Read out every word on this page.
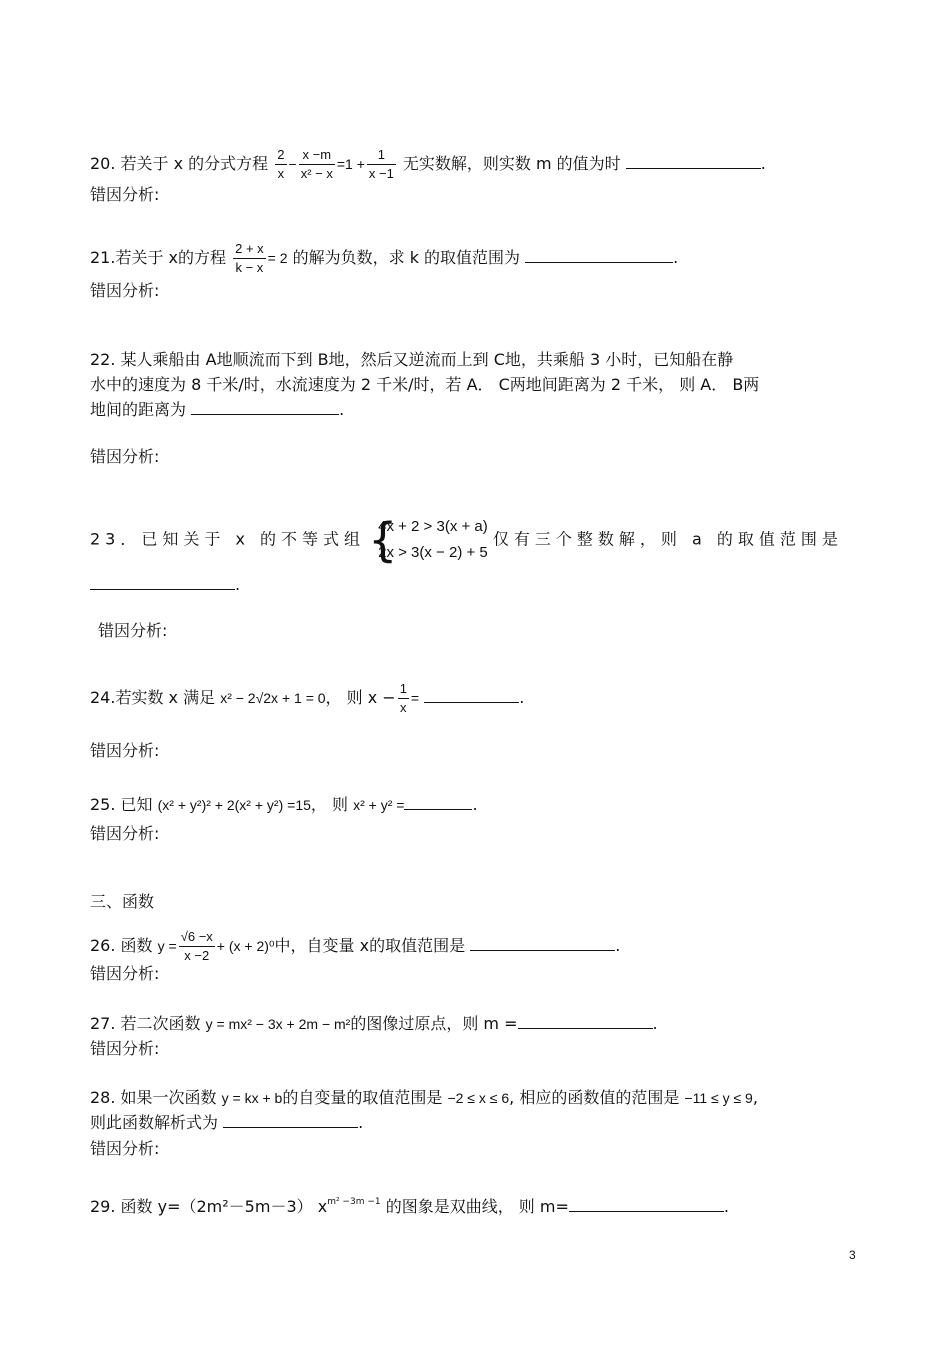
20. 若关于 x 的分式方程 $\frac{2}{x} - \frac{x -m}{\text{x² − x}} =1 + \frac{1}{x -1}$ 无实数解，则实数 m 的值为时	.
错因分析:
21.若关于 x的方程 $\frac{2 + x}{k - x} = 2$ 的解为负数，求 k 的取值范围为	.
错因分析:
22. 某人乘船由 A地顺流而下到 B地，然后又逆流而上到 C地，共乘船 3 小时，已知船在静
水中的速度为 8 千米/时，水流速度为 2 千米/时，若 A． C两地间距离为 2 千米， 则 A． B两
地间的距离为	.
错因分析:
23．已知关于 x 的不等式组 {
4x + 2 > 3(x + a)
2x > 3(x − 2) + 5
仅有三个整数解，则 a 的取值范围是
.
错因分析:
24.若实数 x 满足 x² − 2√2x + 1 = 0， 则 $x - \frac{1}{x}$ =	.
错因分析:
25. 已知 (x² + y²)² + 2(x² + y²) =15， 则 x² + y² =	.
错因分析:
三、函数
26. 函数 $y = \frac{√6 -x}{x -2} + (x + 2)^0$中，自变量 x的取值范围是	.
错因分析:
27. 若二次函数 y = mx² − 3x + 2m − m²的图像过原点，则 m =	.
错因分析:
28. 如果一次函数 y = kx + b的自变量的取值范围是 −2 ≤ x ≤ 6, 相应的函数值的范围是 −11 ≤ y ≤ 9,
则此函数解析式为	.
错因分析:
29. 函数 y=（2m²－5m－3） $x^{m^2 -3m -1}$ 的图象是双曲线， 则 m=	.
3
